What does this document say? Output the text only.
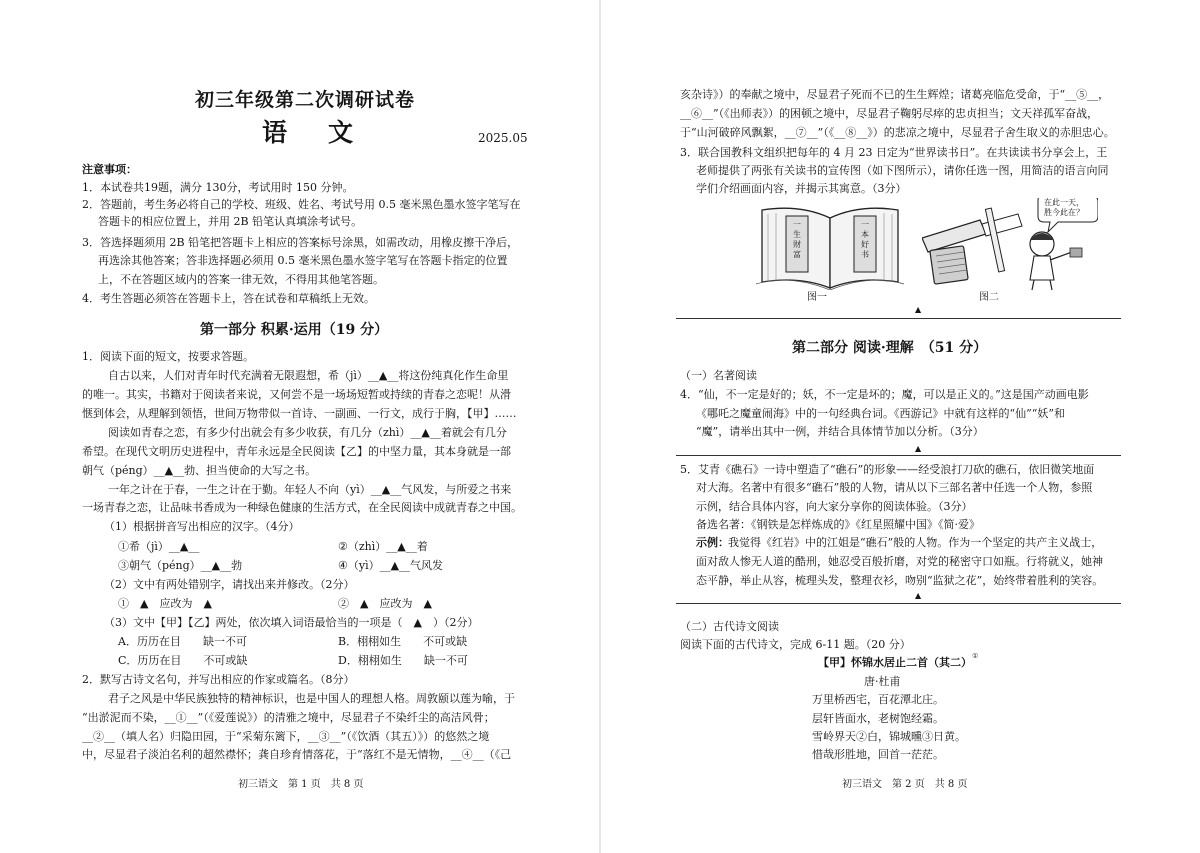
初三年级第二次调研试卷
语　文	2025.05
注意事项：
1．本试卷共19题，满分 130分，考试用时 150 分钟。
2．答题前，考生务必将自己的学校、班级、姓名、考试号用 0.5 毫米黑色墨水签字笔写在
答题卡的相应位置上，并用 2B 铅笔认真填涂考试号。
3．答选择题须用 2B 铅笔把答题卡上相应的答案标号涂黑，如需改动，用橡皮擦干净后，
再选涂其他答案；答非选择题必须用 0.5 毫米黑色墨水签字笔写在答题卡指定的位置
上，不在答题区域内的答案一律无效，不得用其他笔答题。
4．考生答题必须答在答题卡上，答在试卷和草稿纸上无效。
第一部分 积累·运用（19 分）
1．阅读下面的短文，按要求答题。
自古以来，人们对青年时代充满着无限遐想，希（jì）__▲__将这份纯真化作生命里
的唯一。其实，书籍对于阅读者来说，又何尝不是一场场短暂或持续的青春之恋呢！从滑
惬到体会，从理解到领悟，世间万物带似一首诗、一副画、一行文，成行于胸，【甲】……
阅读如青春之恋，有多少付出就会有多少收获，有几分（zhì）__▲__着就会有几分
希望。在现代文明历史进程中，青年永远是全民阅读【乙】的中坚力量，其本身就是一部
朝气（péng）__▲__勃、担当使命的大写之书。
一年之计在于春，一生之计在于勤。年轻人不向（yì）__▲__气风发，与所爱之书来
一场青春之恋，让品味书香成为一种绿色健康的生活方式，在全民阅读中成就青春之中国。
（1）根据拼音写出相应的汉字。（4分）
①希（jì）__▲__	②（zhì）__▲__着
③朝气（péng）__▲__勃	④（yì）__▲__气风发
（2）文中有两处错别字，请找出来并修改。（2分）
①　▲　应改为　▲	②　▲　应改为　▲
（3）文中【甲】【乙】两处，依次填入词语最恰当的一项是（　▲　）（2分）
A．历历在目　　缺一不可	B．栩栩如生　　不可或缺
C．历历在目　　不可或缺	D．栩栩如生　　缺一不可
2．默写古诗文名句，并写出相应的作家或篇名。（8分）
君子之风是中华民族独特的精神标识，也是中国人的理想人格。周敦颐以莲为喻，于
“出淤泥而不染，__①__”（《爱莲说》）的清雅之境中，尽显君子不染纤尘的高洁风骨；
__②__（填人名）归隐田园，于“采菊东篱下，__③__”（《饮酒（其五）》）的悠然之境
中，尽显君子淡泊名利的超然襟怀；龚自珍育情落花，于“落红不是无情物，__④__（《己
初三语文　第 1 页　共 8 页
亥杂诗》）的奉献之境中，尽显君子死而不已的生生辉煌；诸葛亮临危受命，于“__⑤__，
__⑥__”（《出师表》）的困顿之境中，尽显君子鞠躬尽瘁的忠贞担当；文天祥孤军奋战，
于“山河破碎风飘絮，__⑦__”（《__⑧__》）的悲凉之境中，尽显君子舍生取义的赤胆忠心。
3．联合国教科文组织把每年的 4 月 23 日定为“世界读书日”。在共读读书分享会上，王
老师提供了两张有关读书的宣传图（如下图所示），请你任选一图，用简洁的语言向同
学们介绍画面内容，并揭示其寓意。（3分）
一生财富
一本好书
图一
在此一天，
胜今此在？
图二
▲
第二部分 阅读·理解　（51 分）
（一）名著阅读
4．“仙，不一定是好的；妖，不一定是坏的；魔，可以是正义的。”这是国产动画电影
《哪吒之魔童闹海》中的一句经典台词。《西游记》中就有这样的“仙”“妖”和
“魔”，请举出其中一例，并结合具体情节加以分析。（3分）
▲
5．艾青《礁石》一诗中塑造了“礁石”的形象——经受浪打刀砍的礁石，依旧微笑地面
对大海。名著中有很多“礁石”般的人物，请从以下三部名著中任选一个人物，参照
示例，结合具体内容，向大家分享你的阅读体验。（3分）
备选名著：《钢铁是怎样炼成的》《红星照耀中国》《简·爱》
示例： 我觉得《红岩》中的江姐是“礁石”般的人物。作为一个坚定的共产主义战士，
面对敌人惨无人道的酷刑，她忍受百般折磨，对党的秘密守口如瓶。行将就义，她神
态平静，举止从容，梳理头发，整理衣衫，吻别“监狱之花”，始终带着胜利的笑容。
▲
（二）古代诗文阅读
阅读下面的古代诗文，完成 6-11 题。（20 分）
【甲】怀锦水居止二首（其二） ①
唐·杜甫
万里桥西宅，百花潭北庄。
层轩皆面水，老树饱经霜。
雪岭界天②白，锦城曛③日黄。
惜哉形胜地，回首一茫茫。
初三语文　第 2 页　共 8 页
